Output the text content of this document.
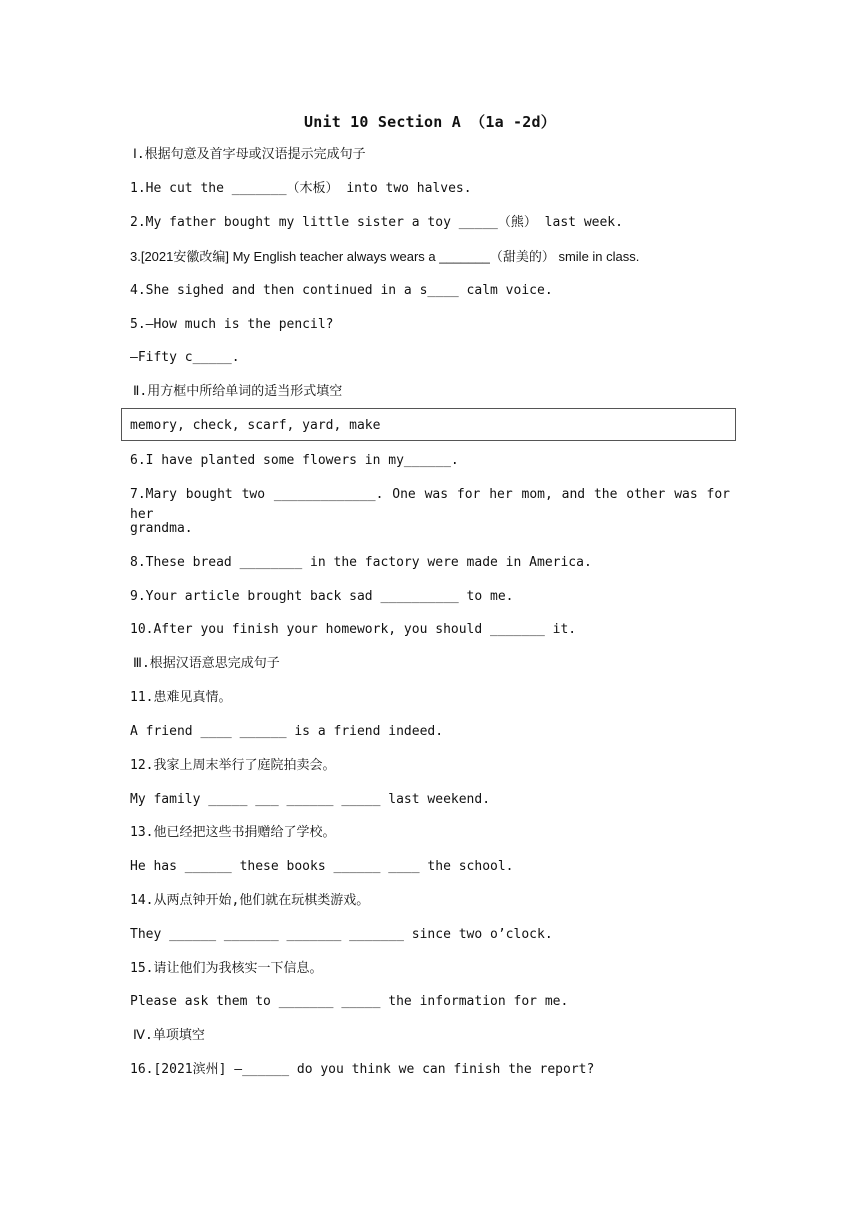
Unit 10 Section A （1a -2d）
Ⅰ.根据句意及首字母或汉语提示完成句子
1.He cut the _______（木板） into two halves.
2.My father bought my little sister a toy _____（熊） last week.
3.[2021安徽改编] My English teacher always wears a _______（甜美的） smile in class.
4.She sighed and then continued in a s____ calm voice.
5.—How much is the pencil?
—Fifty c_____.
Ⅱ.用方框中所给单词的适当形式填空
memory, check, scarf, yard, make
6.I have planted some flowers in my______.
7.Mary bought two _____________. One was for her mom, and the other was for her
grandma.
8.These bread ________ in the factory were made in America.
9.Your article brought back sad __________ to me.
10.After you finish your homework, you should _______ it.
Ⅲ.根据汉语意思完成句子
11.患难见真情。
A friend ____ ______ is a friend indeed.
12.我家上周末举行了庭院拍卖会。
My family _____ ___ ______ _____ last weekend.
13.他已经把这些书捐赠给了学校。
He has ______ these books ______ ____ the school.
14.从两点钟开始,他们就在玩棋类游戏。
They ______ _______ _______ _______ since two o’clock.
15.请让他们为我核实一下信息。
Please ask them to _______ _____ the information for me.
Ⅳ.单项填空
16.[2021滨州] —______ do you think we can finish the report?
